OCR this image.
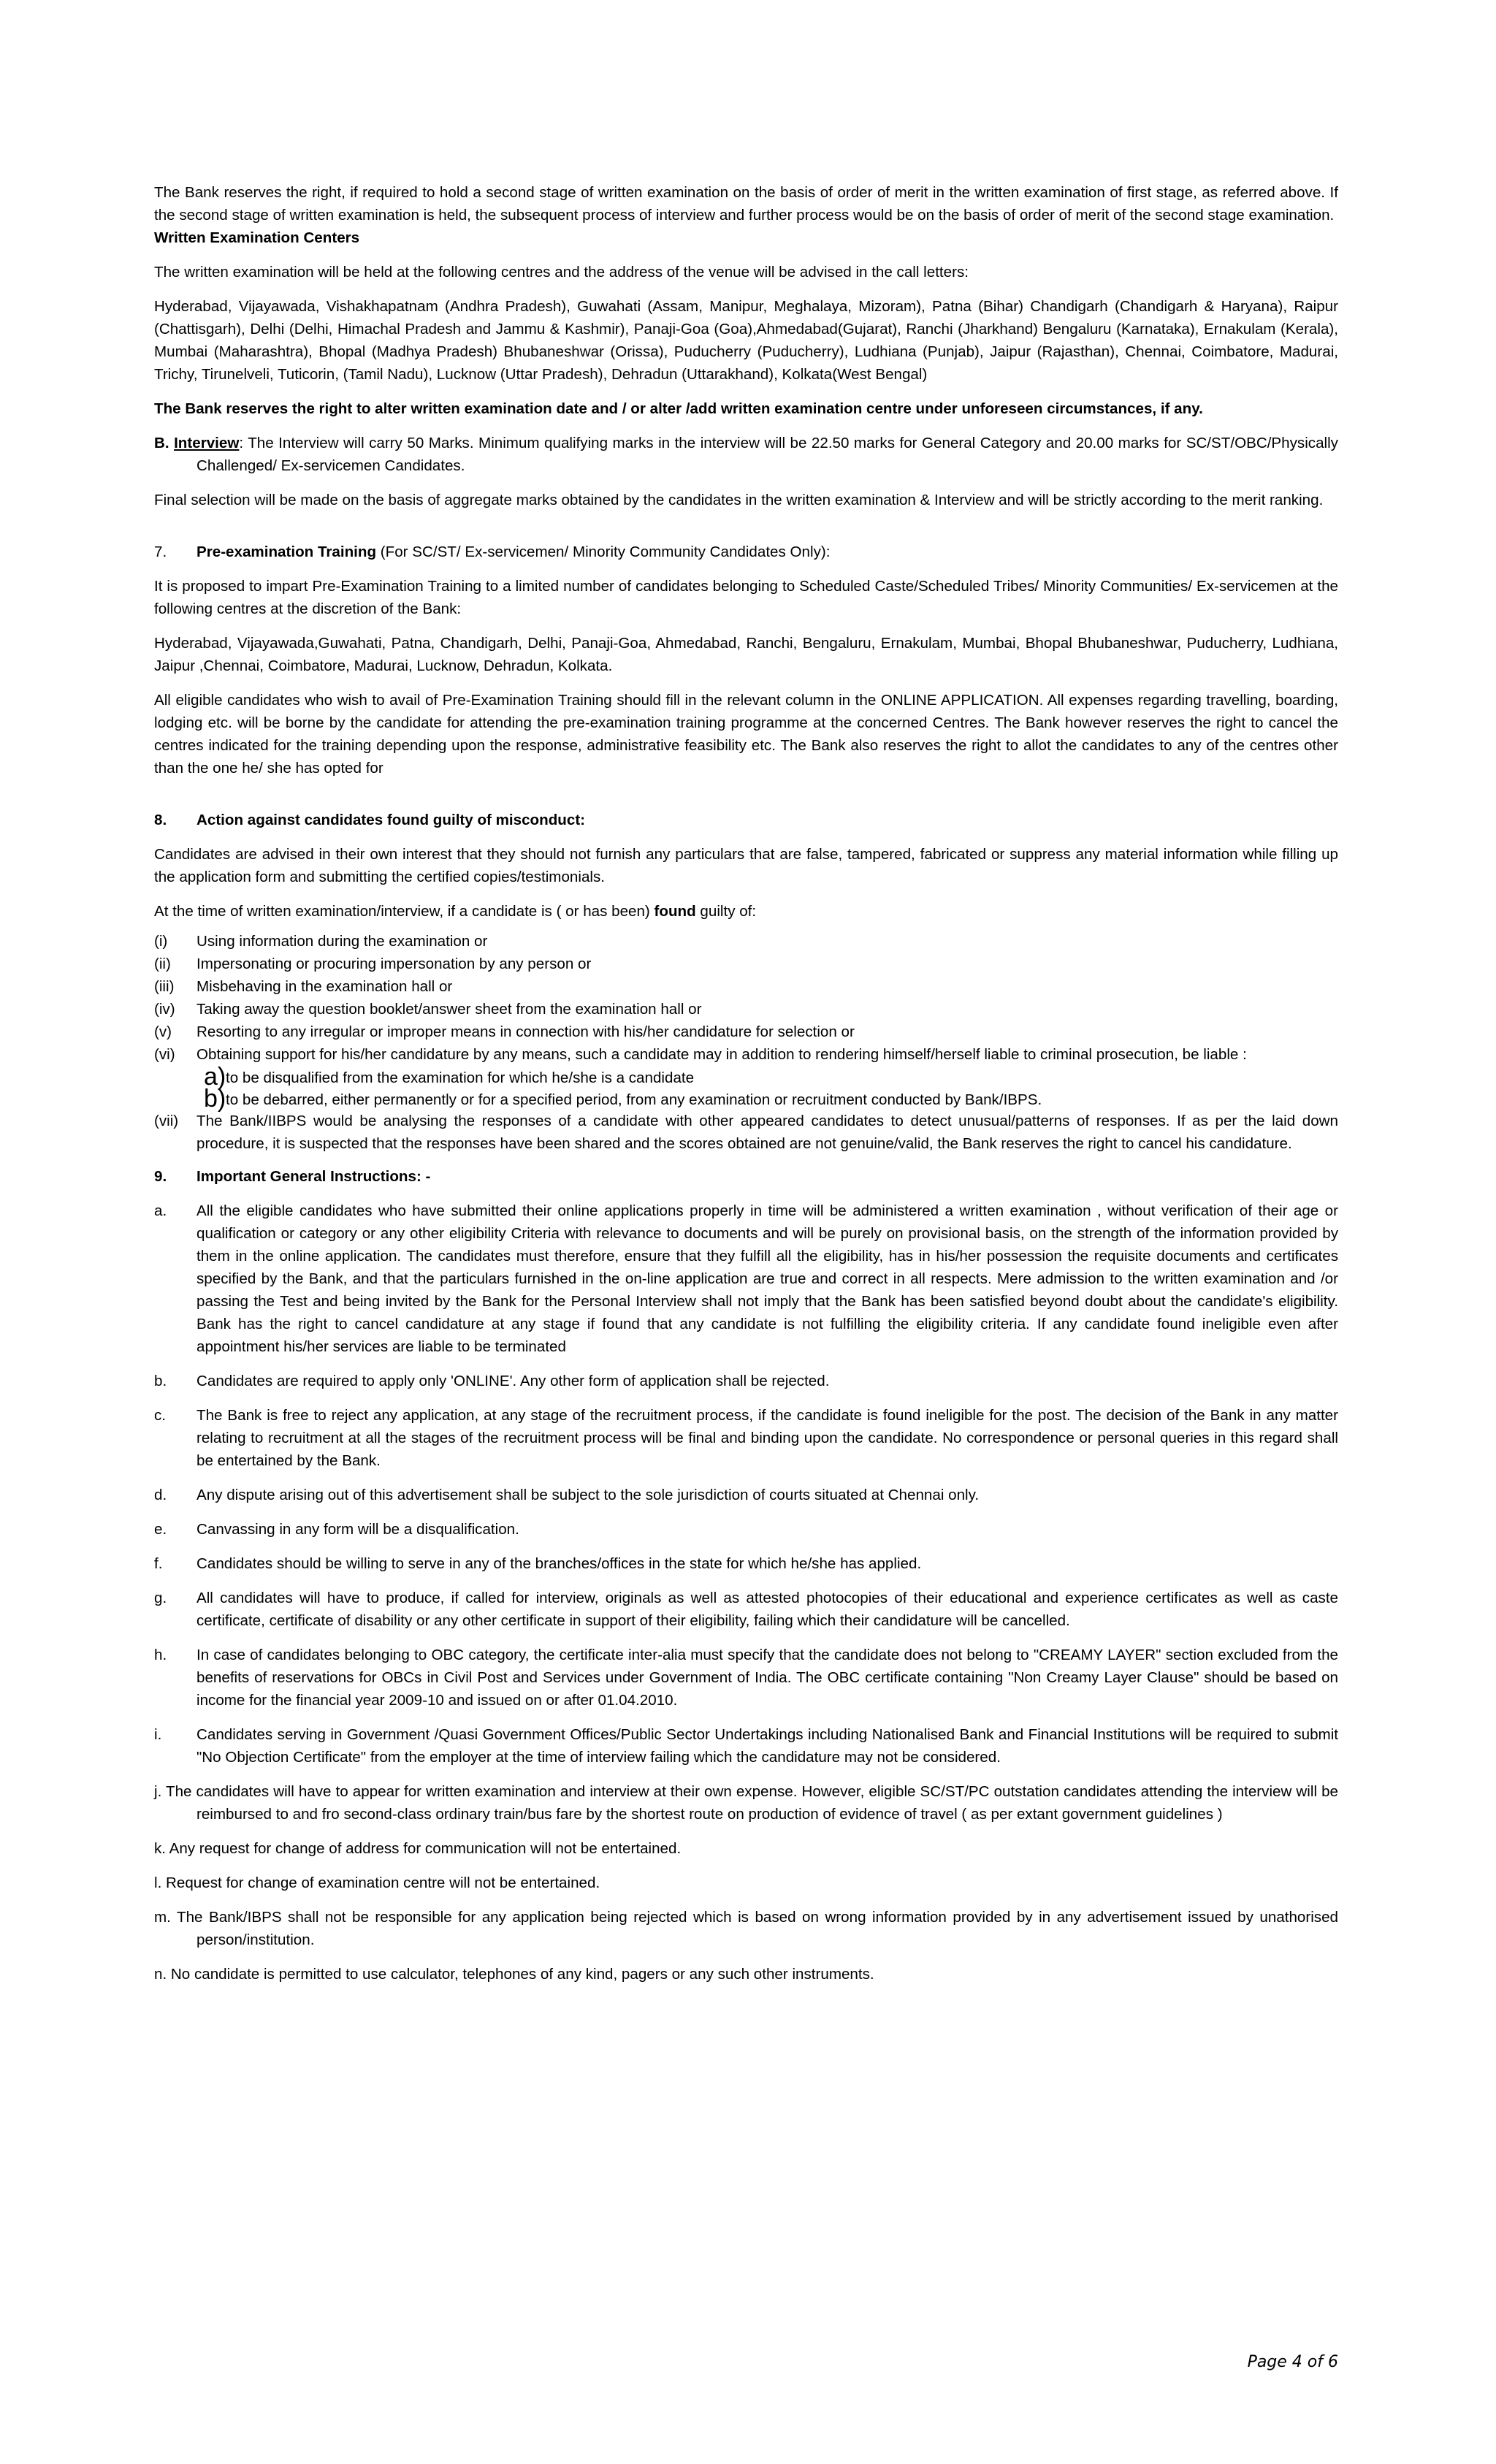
The Bank reserves the right, if required to hold a second stage of written examination on the basis of order of merit in the written examination of first stage, as referred above. If the second stage of written examination is held, the subsequent process of interview and further process would be on the basis of order of merit of the second stage examination.

Written Examination Centers

The written examination will be held at the following centres and the address of the venue will be advised in the call letters:

Hyderabad, Vijayawada, Vishakhapatnam (Andhra Pradesh), Guwahati (Assam, Manipur, Meghalaya, Mizoram), Patna (Bihar) Chandigarh (Chandigarh & Haryana), Raipur (Chattisgarh), Delhi (Delhi, Himachal Pradesh and Jammu & Kashmir), Panaji-Goa (Goa),Ahmedabad(Gujarat), Ranchi (Jharkhand) Bengaluru (Karnataka), Ernakulam (Kerala), Mumbai (Maharashtra), Bhopal (Madhya Pradesh) Bhubaneshwar (Orissa), Puducherry (Puducherry), Ludhiana (Punjab), Jaipur (Rajasthan), Chennai, Coimbatore, Madurai, Trichy, Tirunelveli, Tuticorin, (Tamil Nadu), Lucknow (Uttar Pradesh), Dehradun (Uttarakhand), Kolkata(West Bengal)

The Bank reserves the right to alter written examination date and / or alter /add written examination centre under unforeseen circumstances, if any.

B. Interview: The Interview will carry 50 Marks. Minimum qualifying marks in the interview will be 22.50 marks for General Category and 20.00 marks for SC/ST/OBC/Physically Challenged/ Ex-servicemen Candidates.

Final selection will be made on the basis of aggregate marks obtained by the candidates in the written examination & Interview and will be strictly according to the merit ranking.

7.	Pre-examination Training (For SC/ST/ Ex-servicemen/ Minority Community Candidates Only):

It is proposed to impart Pre-Examination Training to a limited number of candidates belonging to Scheduled Caste/Scheduled Tribes/ Minority Communities/ Ex-servicemen at the following centres at the discretion of the Bank:

Hyderabad, Vijayawada,Guwahati, Patna, Chandigarh, Delhi, Panaji-Goa, Ahmedabad, Ranchi, Bengaluru, Ernakulam, Mumbai, Bhopal Bhubaneshwar, Puducherry, Ludhiana, Jaipur ,Chennai, Coimbatore, Madurai, Lucknow, Dehradun, Kolkata.

All eligible candidates who wish to avail of Pre-Examination Training should fill in the relevant column in the ONLINE APPLICATION. All expenses regarding travelling, boarding, lodging etc. will be borne by the candidate for attending the pre-examination training programme at the concerned Centres. The Bank however reserves the right to cancel the centres indicated for the training depending upon the response, administrative feasibility etc. The Bank also reserves the right to allot the candidates to any of the centres other than the one he/ she has opted for

8.	Action against candidates found guilty of misconduct:

Candidates are advised in their own interest that they should not furnish any particulars that are false, tampered, fabricated or suppress any material information while filling up the application form and submitting the certified copies/testimonials.

At the time of written examination/interview, if a candidate is ( or has been) found guilty of:

(i)	Using information during the examination or
(ii)	Impersonating or procuring impersonation by any person or
(iii)	Misbehaving in the examination hall or
(iv)	Taking away the question booklet/answer sheet from the examination hall or
(v)	Resorting to any irregular or improper means in connection with his/her candidature for selection or
(vi)	Obtaining support for his/her candidature by any means, such a candidate may in addition to rendering himself/herself liable to criminal prosecution, be liable :
a) to be disqualified from the examination for which he/she is a candidate
b) to be debarred, either permanently or for a specified period, from any examination or recruitment conducted by Bank/IBPS.
(vii)	The Bank/IIBPS would be analysing the responses of a candidate with other appeared candidates to detect unusual/patterns of responses. If as per the laid down procedure, it is suspected that the responses have been shared and the scores obtained are not genuine/valid, the Bank reserves the right to cancel his candidature.
9.	Important General Instructions: -
a.	All the eligible candidates who have submitted their online applications properly in time will be administered a written examination , without verification of their age or qualification or category or any other eligibility Criteria with relevance to documents and will be purely on provisional basis, on the strength of the information provided by them in the online application. The candidates must therefore, ensure that they fulfill all the eligibility, has in his/her possession the requisite documents and certificates specified by the Bank, and that the particulars furnished in the on-line application are true and correct in all respects. Mere admission to the written examination and /or passing the Test and being invited by the Bank for the Personal Interview shall not imply that the Bank has been satisfied beyond doubt about the candidate's eligibility. Bank has the right to cancel candidature at any stage if found that any candidate is not fulfilling the eligibility criteria. If any candidate found ineligible even after appointment his/her services are liable to be terminated
b.	Candidates are required to apply only 'ONLINE'. Any other form of application shall be rejected.
c.	The Bank is free to reject any application, at any stage of the recruitment process, if the candidate is found ineligible for the post. The decision of the Bank in any matter relating to recruitment at all the stages of the recruitment process will be final and binding upon the candidate. No correspondence or personal queries in this regard shall be entertained by the Bank.
d.	Any dispute arising out of this advertisement shall be subject to the sole jurisdiction of courts situated at Chennai only.
e.	Canvassing in any form will be a disqualification.
f.	Candidates should be willing to serve in any of the branches/offices in the state for which he/she has applied.
g.	All candidates will have to produce, if called for interview, originals as well as attested photocopies of their educational and experience certificates as well as caste certificate, certificate of disability or any other certificate in support of their eligibility, failing which their candidature will be cancelled.
h.	In case of candidates belonging to OBC category, the certificate inter-alia must specify that the candidate does not belong to "CREAMY LAYER" section excluded from the benefits of reservations for OBCs in Civil Post and Services under Government of India. The OBC certificate containing "Non Creamy Layer Clause" should be based on income for the financial year 2009-10 and issued on or after 01.04.2010.
i.	Candidates serving in Government /Quasi Government Offices/Public Sector Undertakings including Nationalised Bank and Financial Institutions will be required to submit "No Objection Certificate" from the employer at the time of interview failing which the candidature may not be considered.

j. The candidates will have to appear for written examination and interview at their own expense. However, eligible SC/ST/PC outstation candidates attending the interview will be reimbursed to and fro second-class ordinary train/bus fare by the shortest route on production of evidence of travel ( as per extant government guidelines )

k. Any request for change of address for communication will not be entertained.

l. Request for change of examination centre will not be entertained.

m. The Bank/IBPS shall not be responsible for any application being rejected which is based on wrong information provided by in any advertisement issued by unathorised person/institution.

n. No candidate is permitted to use calculator, telephones of any kind, pagers or any such other instruments.

Page 4 of 6
